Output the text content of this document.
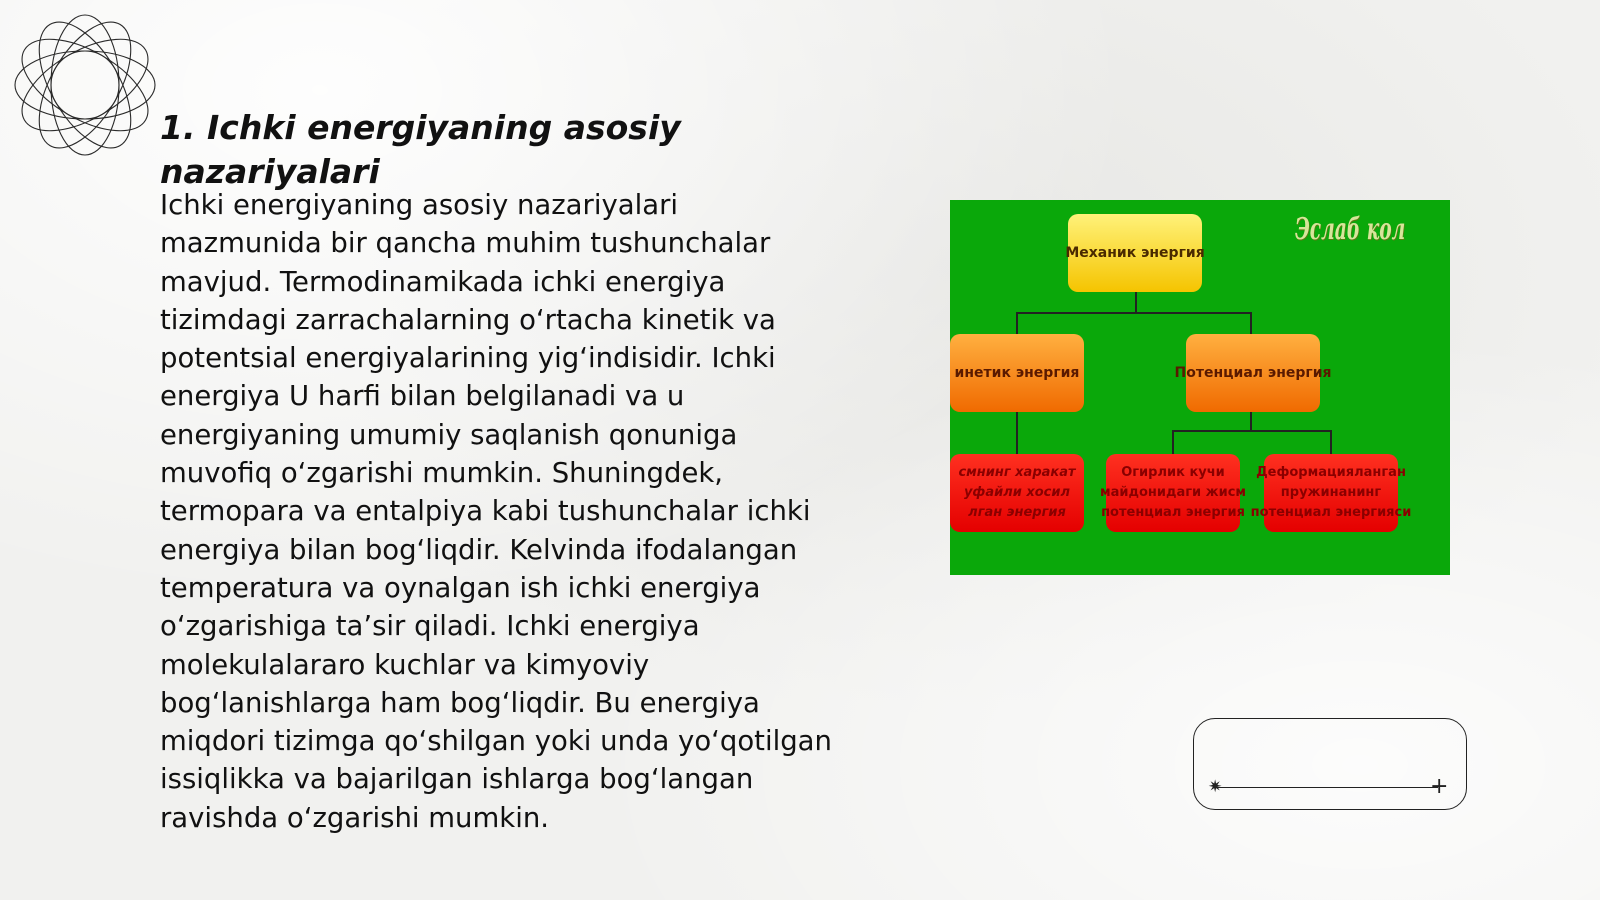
1. Ichki energiyaning asosiy nazariyalari

Ichki energiyaning asosiy nazariyalari mazmunida bir qancha muhim tushunchalar mavjud. Termodinamikada ichki energiya tizimdagi zarrachalarning o‘rtacha kinetik va potentsial energiyalarining yig‘indisidir. Ichki energiya U harfi bilan belgilanadi va u energiyaning umumiy saqlanish qonuniga muvofiq o‘zgarishi mumkin. Shuningdek, termopara va entalpiya kabi tushunchalar ichki energiya bilan bog‘liqdir. Kelvinda ifodalangan temperatura va oynalgan ish ichki energiya o‘zgarishiga ta’sir qiladi. Ichki energiya molekulalararo kuchlar va kimyoviy bog‘lanishlarga ham bog‘liqdir. Bu energiya miqdori tizimga qo‘shilgan yoki unda yo‘qotilgan issiqlikka va bajarilgan ishlarga bog‘langan ravishda o‘zgarishi mumkin.

Эслаб кол
Механик энергия
инетик энергия	Потенциал энергия
смнинг харакат
уфайли хосил
лган энергия
Огирлик кучи
майдонидаги жисм
потенциал энергия
Деформацияланган
пружинанинг
потенциал энергияси
✷	+
